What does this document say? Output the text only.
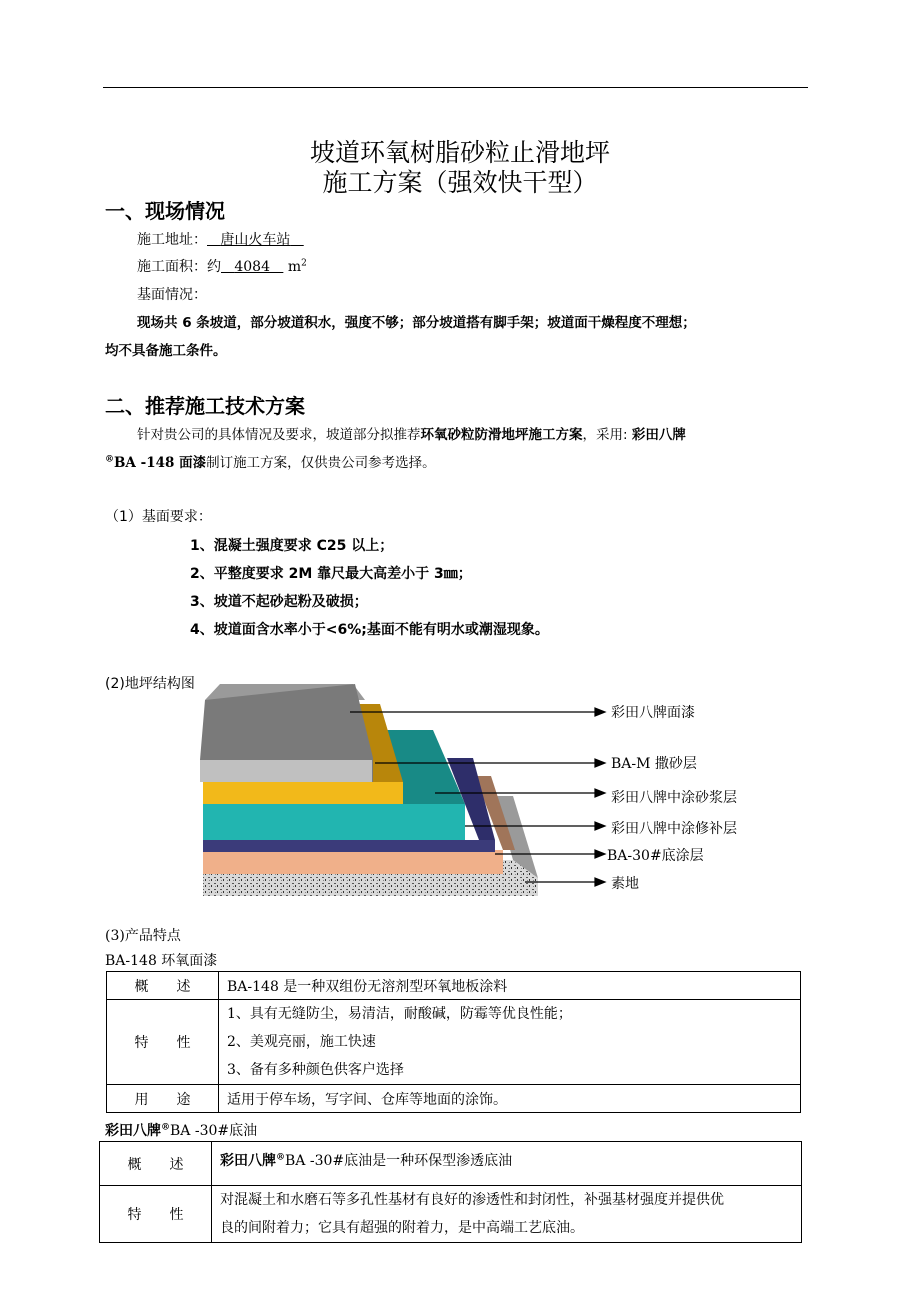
坡道环氧树脂砂粒止滑地坪
施工方案（强效快干型）
一、现场情况
施工地址： 唐山火车站
施工面积：约 4084 $m^2$
基面情况：
现场共 6 条坡道，部分坡道积水，强度不够；部分坡道搭有脚手架；坡道面干燥程度不理想；
均不具备施工条件。
二、推荐施工技术方案
针对贵公司的具体情况及要求，坡道部分拟推荐环氧砂粒防滑地坪施工方案，采用: 彩田八牌
®BA -148 面漆制订施工方案，仅供贵公司参考选择。
（1）基面要求：
1、混凝土强度要求 C25 以上；
2、平整度要求 2M 靠尺最大高差小于 3㎜；
3、坡道不起砂起粉及破损；
4、坡道面含水率小于<6%;基面不能有明水或潮湿现象。
(2)地坪结构图
彩田八牌面漆
BA-M 撒砂层
彩田八牌中涂砂浆层
彩田八牌中涂修补层
BA-30#底涂层
素地
(3)产品特点
BA-148 环氧面漆
概　　述	BA-148 是一种双组份无溶剂型环氧地板涂料
特　　性	1、具有无缝防尘，易清洁，耐酸碱，防霉等优良性能；
2、美观亮丽，施工快速
3、备有多种颜色供客户选择

用　　途	适用于停车场，写字间、仓库等地面的涂饰。
彩田八牌®BA -30#底油
概　　述	彩田八牌®BA -30#底油是一种环保型渗透底油
特　　性	对混凝土和水磨石等多孔性基材有良好的渗透性和封闭性，补强基材强度并提供优
良的间附着力；它具有超强的附着力，是中高端工艺底油。
